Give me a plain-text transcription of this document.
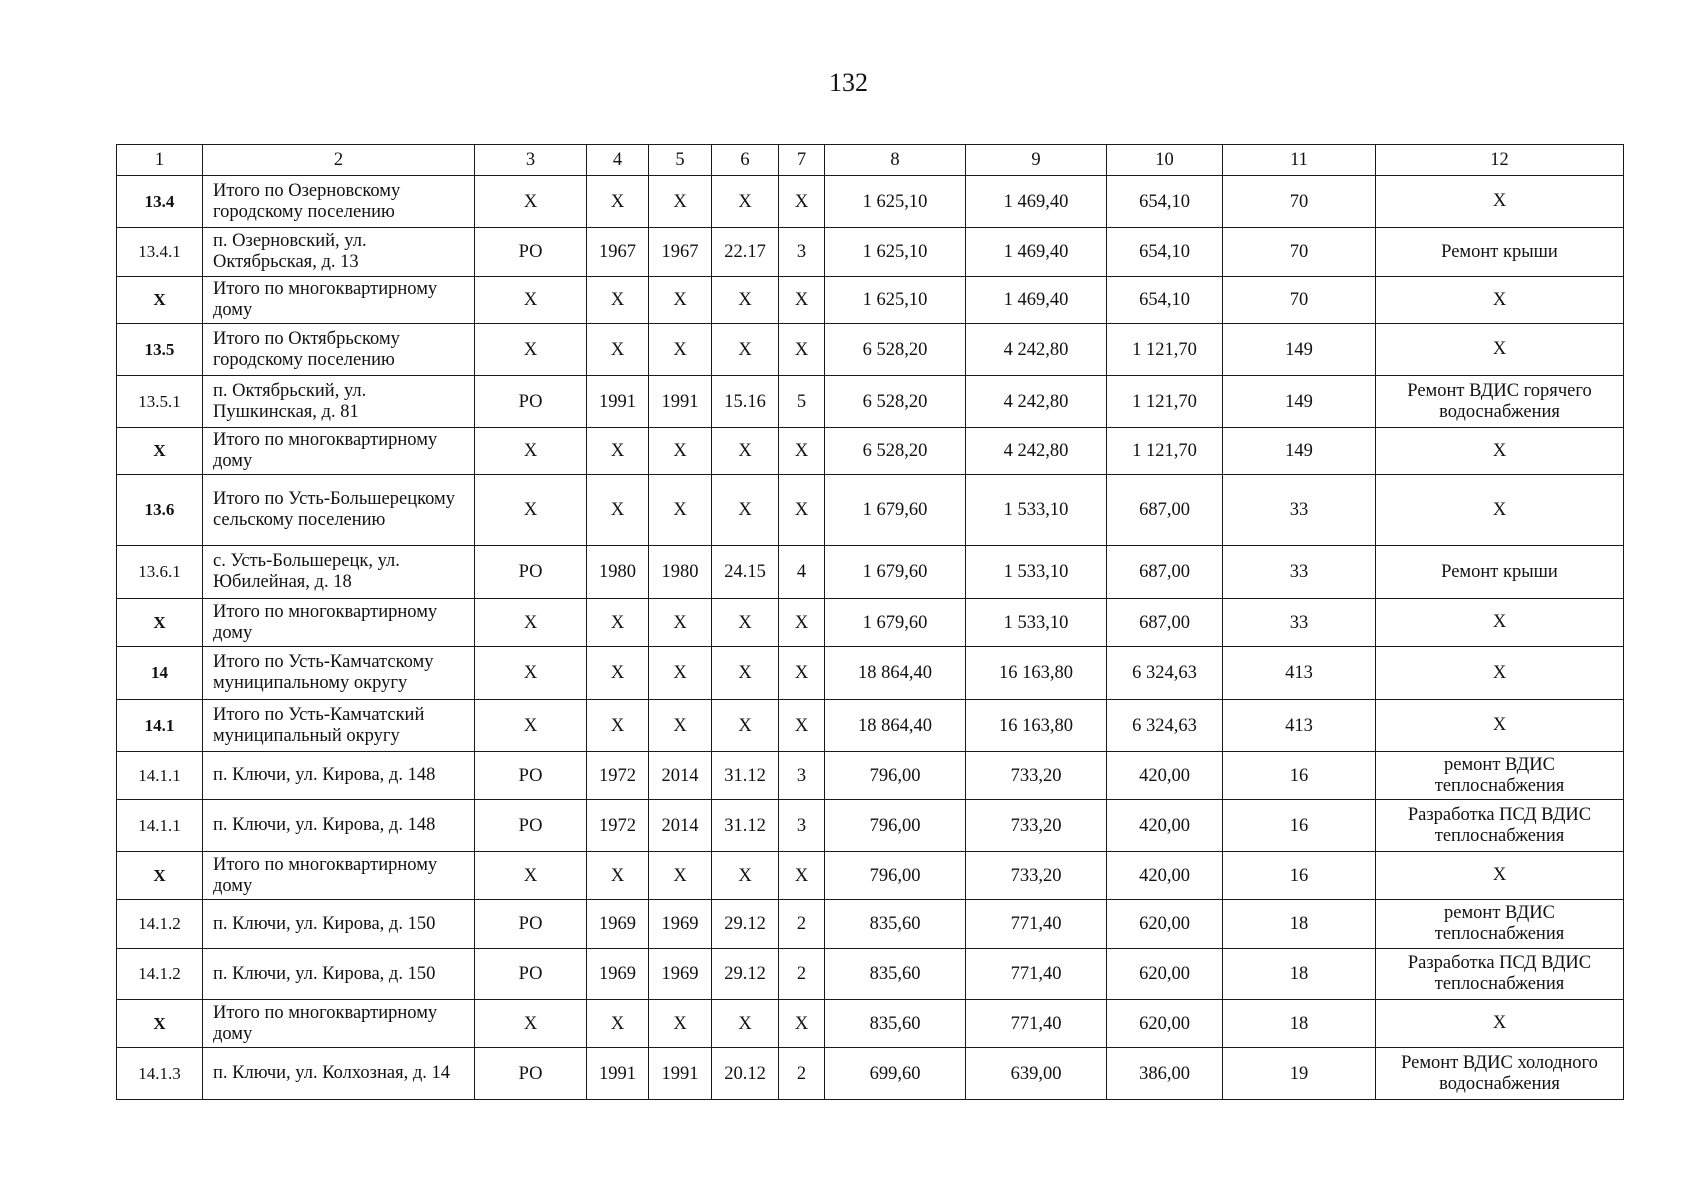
132
1	2	3	4	5	6	7	8	9	10	11	12
13.4	Итого по Озерновскому городскому поселению	Х	Х	Х	Х	Х	1 625,10	1 469,40	654,10	70	Х
13.4.1	п. Озерновский, ул. Октябрьская, д. 13	РО	1967	1967	22.17	3	1 625,10	1 469,40	654,10	70	Ремонт крыши
Х	Итого по многоквартирному дому	Х	Х	Х	Х	Х	1 625,10	1 469,40	654,10	70	Х
13.5	Итого по Октябрьскому городскому поселению	Х	Х	Х	Х	Х	6 528,20	4 242,80	1 121,70	149	Х
13.5.1	п. Октябрьский, ул. Пушкинская, д. 81	РО	1991	1991	15.16	5	6 528,20	4 242,80	1 121,70	149	Ремонт ВДИС горячего водоснабжения
Х	Итого по многоквартирному дому	Х	Х	Х	Х	Х	6 528,20	4 242,80	1 121,70	149	Х
13.6	Итого по Усть-Большерецкому сельскому поселению	Х	Х	Х	Х	Х	1 679,60	1 533,10	687,00	33	Х
13.6.1	с. Усть-Большерецк, ул. Юбилейная, д. 18	РО	1980	1980	24.15	4	1 679,60	1 533,10	687,00	33	Ремонт крыши
Х	Итого по многоквартирному дому	Х	Х	Х	Х	Х	1 679,60	1 533,10	687,00	33	Х
14	Итого по Усть-Камчатскому муниципальному округу	Х	Х	Х	Х	Х	18 864,40	16 163,80	6 324,63	413	Х
14.1	Итого по Усть-Камчатский муниципальный округу	Х	Х	Х	Х	Х	18 864,40	16 163,80	6 324,63	413	Х
14.1.1	п. Ключи, ул. Кирова, д. 148	РО	1972	2014	31.12	3	796,00	733,20	420,00	16	ремонт ВДИС теплоснабжения
14.1.1	п. Ключи, ул. Кирова, д. 148	РО	1972	2014	31.12	3	796,00	733,20	420,00	16	Разработка ПСД ВДИС теплоснабжения
Х	Итого по многоквартирному дому	Х	Х	Х	Х	Х	796,00	733,20	420,00	16	Х
14.1.2	п. Ключи, ул. Кирова, д. 150	РО	1969	1969	29.12	2	835,60	771,40	620,00	18	ремонт ВДИС теплоснабжения
14.1.2	п. Ключи, ул. Кирова, д. 150	РО	1969	1969	29.12	2	835,60	771,40	620,00	18	Разработка ПСД ВДИС теплоснабжения
Х	Итого по многоквартирному дому	Х	Х	Х	Х	Х	835,60	771,40	620,00	18	Х
14.1.3	п. Ключи, ул. Колхозная, д. 14	РО	1991	1991	20.12	2	699,60	639,00	386,00	19	Ремонт ВДИС холодного водоснабжения
